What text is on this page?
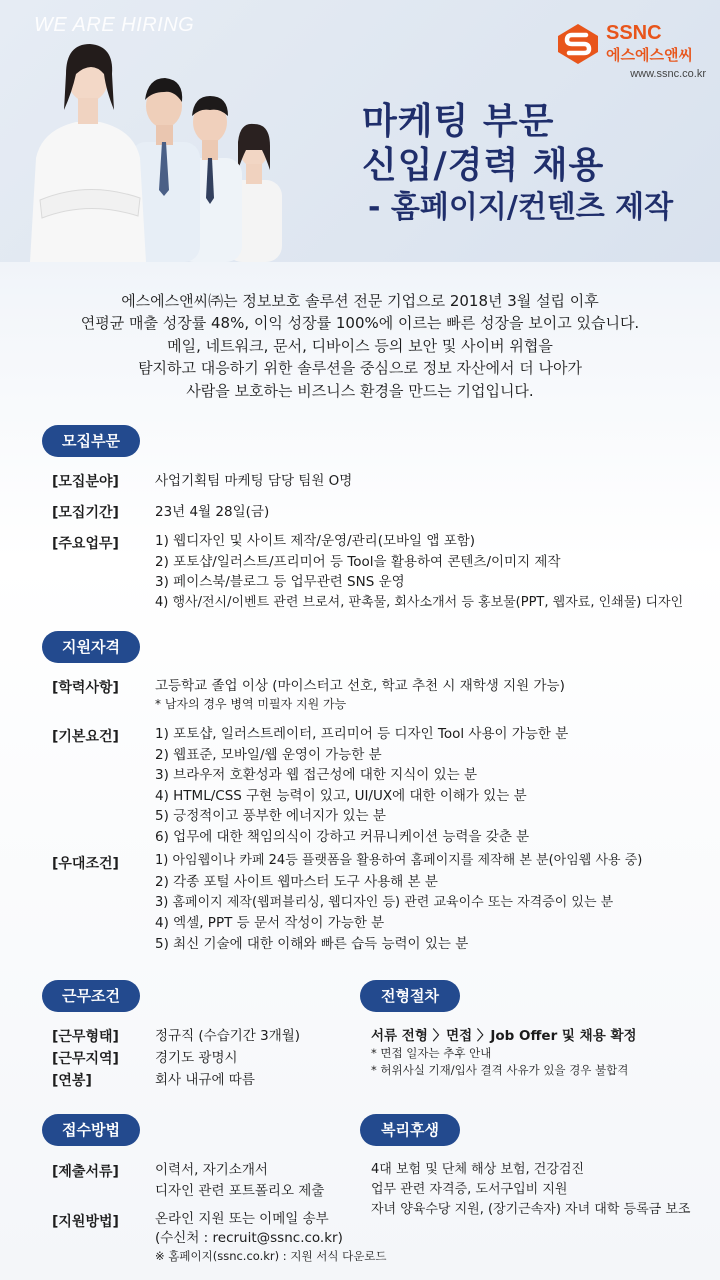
WE ARE HIRING	SSNC
에스에스앤씨
www.ssnc.co.kr
마케팅 부문
신입/경력 채용
- 홈페이지/컨텐츠 제작
에스에스앤씨㈜는 정보보호 솔루션 전문 기업으로 2018년 3월 설립 이후
연평균 매출 성장률 48%, 이익 성장률 100%에 이르는 빠른 성장을 보이고 있습니다.
메일, 네트워크, 문서, 디바이스 등의 보안 및 사이버 위협을
탐지하고 대응하기 위한 솔루션을 중심으로 정보 자산에서 더 나아가
사람을 보호하는 비즈니스 환경을 만드는 기업입니다.
모집부문
[모집분야]	사업기획팀 마케팅 담당 팀원 O명
[모집기간]	23년 4월 28일(금)
[주요업무]	1) 웹디자인 및 사이트 제작/운영/관리(모바일 앱 포함)
2) 포토샵/일러스트/프리미어 등 Tool을 활용하여 콘텐츠/이미지 제작
3) 페이스북/블로그 등 업무관련 SNS 운영
4) 행사/전시/이벤트 관련 브로셔, 판촉물, 회사소개서 등 홍보물(PPT, 웹자료, 인쇄물) 디자인
지원자격
[학력사항]	고등학교 졸업 이상 (마이스터고 선호, 학교 추천 시 재학생 지원 가능)
* 남자의 경우 병역 미필자 지원 가능
[기본요건]	1) 포토샵, 일러스트레이터, 프리미어 등 디자인 Tool 사용이 가능한 분
2) 웹표준, 모바일/웹 운영이 가능한 분
3) 브라우저 호환성과 웹 접근성에 대한 지식이 있는 분
4) HTML/CSS 구현 능력이 있고, UI/UX에 대한 이해가 있는 분
5) 긍정적이고 풍부한 에너지가 있는 분
6) 업무에 대한 책임의식이 강하고 커뮤니케이션 능력을 갖춘 분
[우대조건]	1) 아임웹이나 카페 24등 플랫폼을 활용하여 홈페이지를 제작해 본 분(아임웹 사용 중)
2) 각종 포털 사이트 웹마스터 도구 사용해 본 분
3) 홈페이지 제작(웹퍼블리싱, 웹디자인 등) 관련 교육이수 또는 자격증이 있는 분
4) 엑셀, PPT 등 문서 작성이 가능한 분
5) 최신 기술에 대한 이해와 빠른 습득 능력이 있는 분
근무조건
[근무형태]	정규직 (수습기간 3개월)
[근무지역]	경기도 광명시
[연봉]	회사 내규에 따름
전형절차
서류 전형 〉면접 〉Job Offer 및 채용 확정
* 면접 일자는 추후 안내
* 허위사실 기재/입사 결격 사유가 있을 경우 불합격
접수방법
[제출서류]	이력서, 자기소개서
디자인 관련 포트폴리오 제출
[지원방법]	온라인 지원 또는 이메일 송부
(수신처 : recruit@ssnc.co.kr)
※ 홈페이지(ssnc.co.kr) : 지원 서식 다운로드
복리후생
4대 보험 및 단체 해상 보험, 건강검진
업무 관련 자격증, 도서구입비 지원
자녀 양육수당 지원, (장기근속자) 자녀 대학 등록금 보조
